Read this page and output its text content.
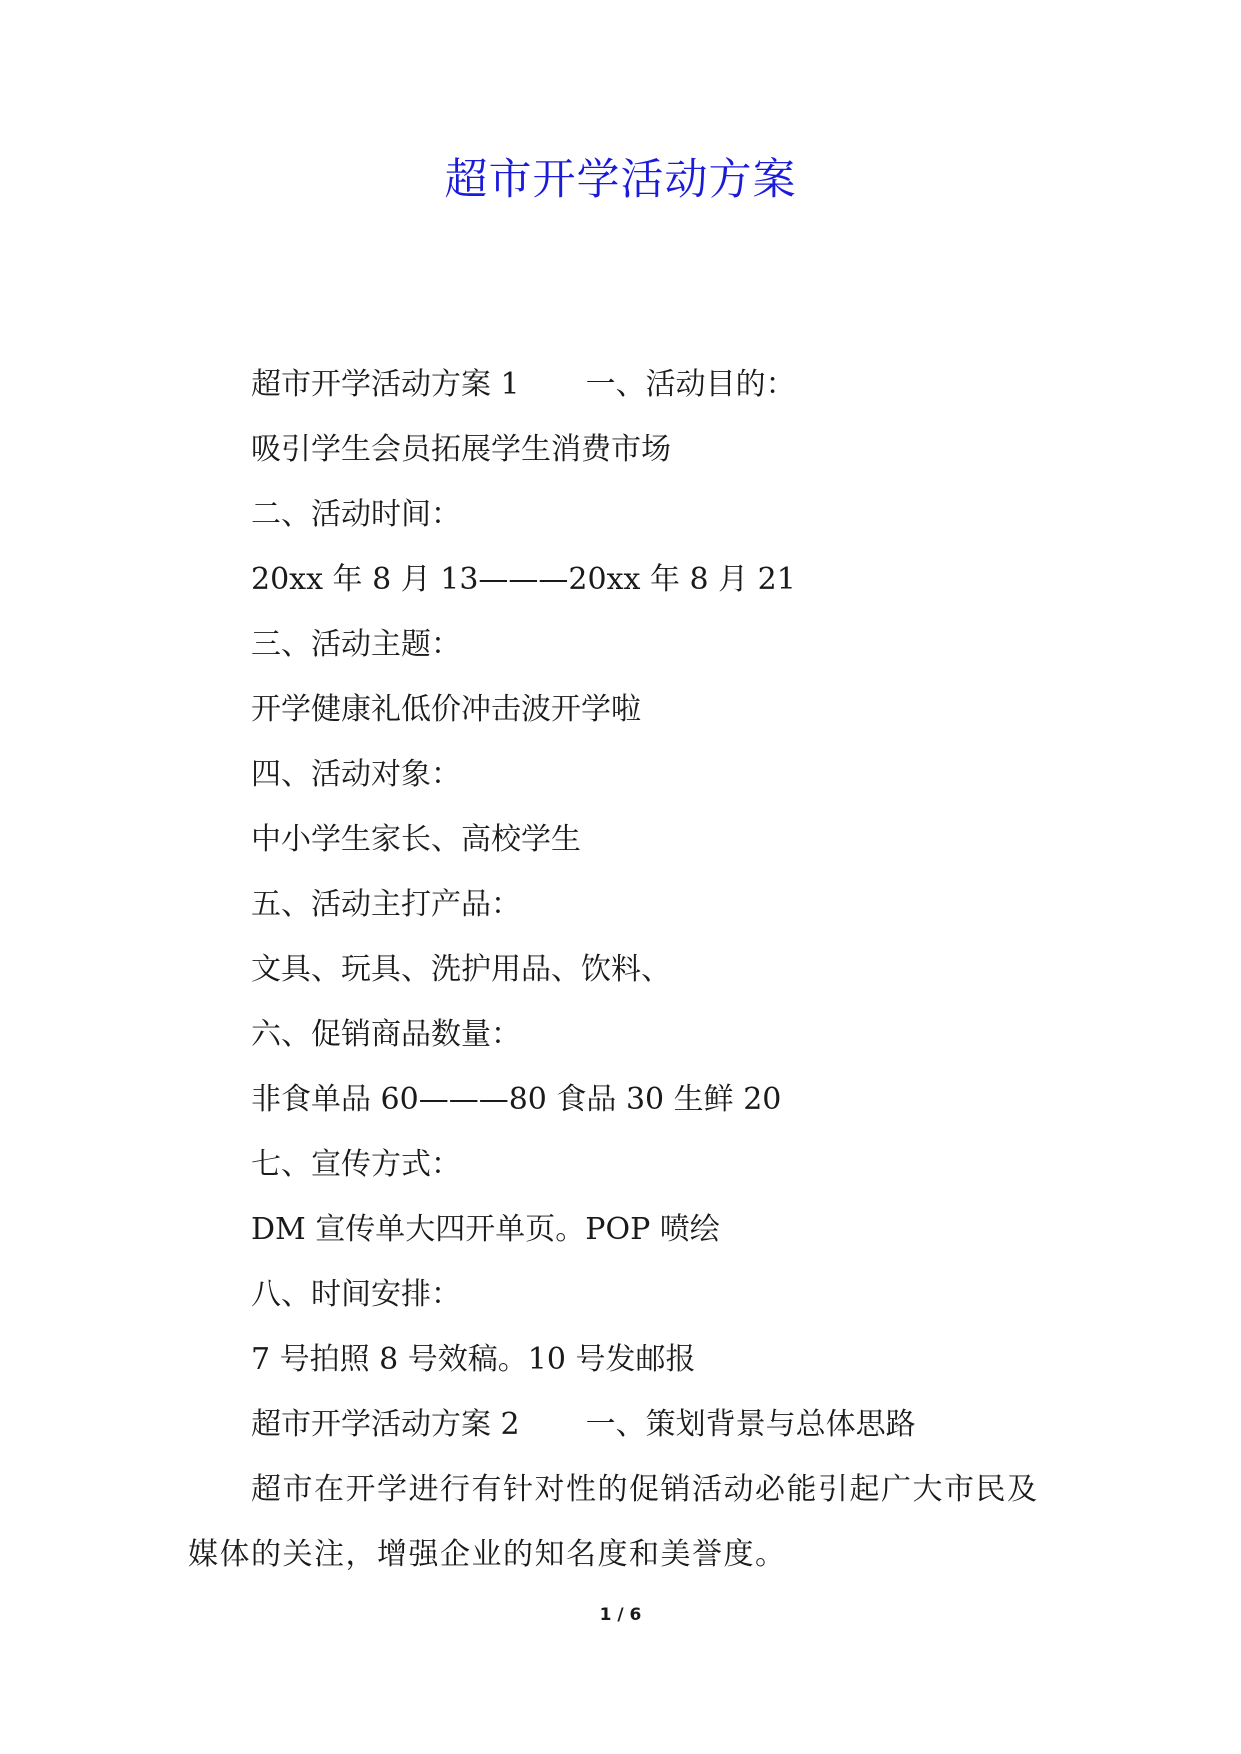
超市开学活动方案
超市开学活动方案 1 一、活动目的：
吸引学生会员拓展学生消费市场
二、活动时间：
20xx 年 8 月 13———20xx 年 8 月 21
三、活动主题：
开学健康礼低价冲击波开学啦
四、活动对象：
中小学生家长、高校学生
五、活动主打产品：
文具、玩具、洗护用品、饮料、
六、促销商品数量：
非食单品 60———80 食品 30 生鲜 20
七、宣传方式：
DM 宣传单大四开单页。POP 喷绘
八、时间安排：
7 号拍照 8 号效稿。10 号发邮报
超市开学活动方案 2 一、策划背景与总体思路

超市在开学进行有针对性的促销活动必能引起广大市民及媒体的关注，增强企业的知名度和美誉度。

1 / 6
